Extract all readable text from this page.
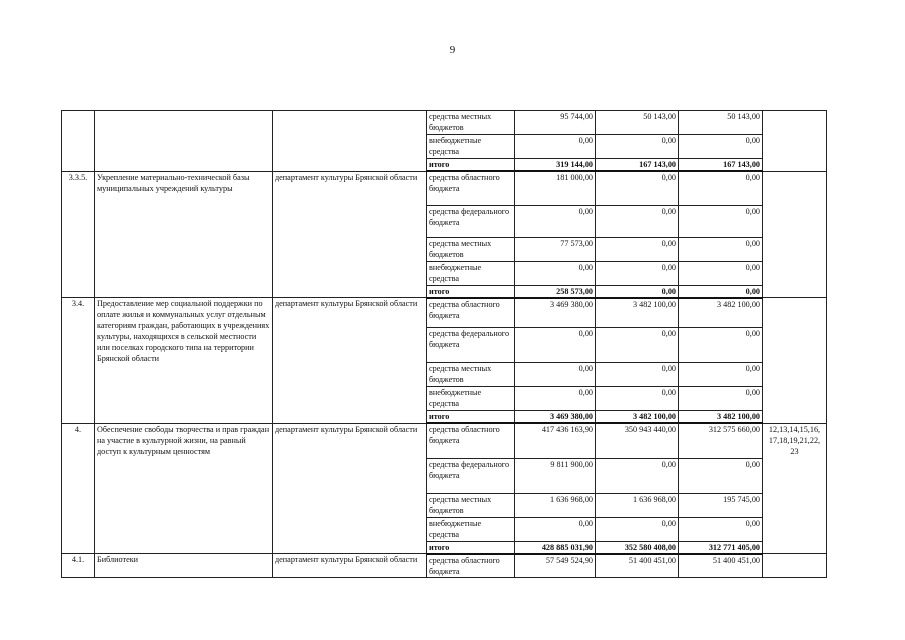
9
			средства местных бюджетов	95 744,00	50 143,00	50 143,00	
			внебюджетные средства	0,00	0,00	0,00	
			итого	319 144,00	167 143,00	167 143,00	
3.3.5.	Укрепление материально-технической базы муниципальных учреждений культуры	департамент культуры Брянской области	средства областного бюджета	181 000,00	0,00	0,00	
			средства федерального бюджета	0,00	0,00	0,00	
			средства местных бюджетов	77 573,00	0,00	0,00	
			внебюджетные средства	0,00	0,00	0,00	
			итого	258 573,00	0,00	0,00	
3.4.	Предоставление мер социальной поддержки по оплате жилья и коммунальных услуг отдельным категориям граждан, работающих в учреждениях культуры, находящихся в сельской местности или поселках городского типа на территории Брянской области	департамент культуры Брянской области	средства областного бюджета	3 469 380,00	3 482 100,00	3 482 100,00	
			средства федерального бюджета	0,00	0,00	0,00	
			средства местных бюджетов	0,00	0,00	0,00	
			внебюджетные средства	0,00	0,00	0,00	
			итого	3 469 380,00	3 482 100,00	3 482 100,00	
4.	Обеспечение свободы творчества и прав граждан на участие в культурной жизни, на равный доступ к культурным ценностям	департамент культуры Брянской области	средства областного бюджета	417 436 163,90	350 943 440,00	312 575 660,00	12,13,14,15,16, 17,18,19,21,22, 23
			средства федерального бюджета	9 811 900,00	0,00	0,00	
			средства местных бюджетов	1 636 968,00	1 636 968,00	195 745,00	
			внебюджетные средства	0,00	0,00	0,00	
			итого	428 885 031,90	352 580 408,00	312 771 405,00	
4.1.	Библиотеки	департамент культуры Брянской области	средства областного бюджета	57 549 524,90	51 400 451,00	51 400 451,00	
